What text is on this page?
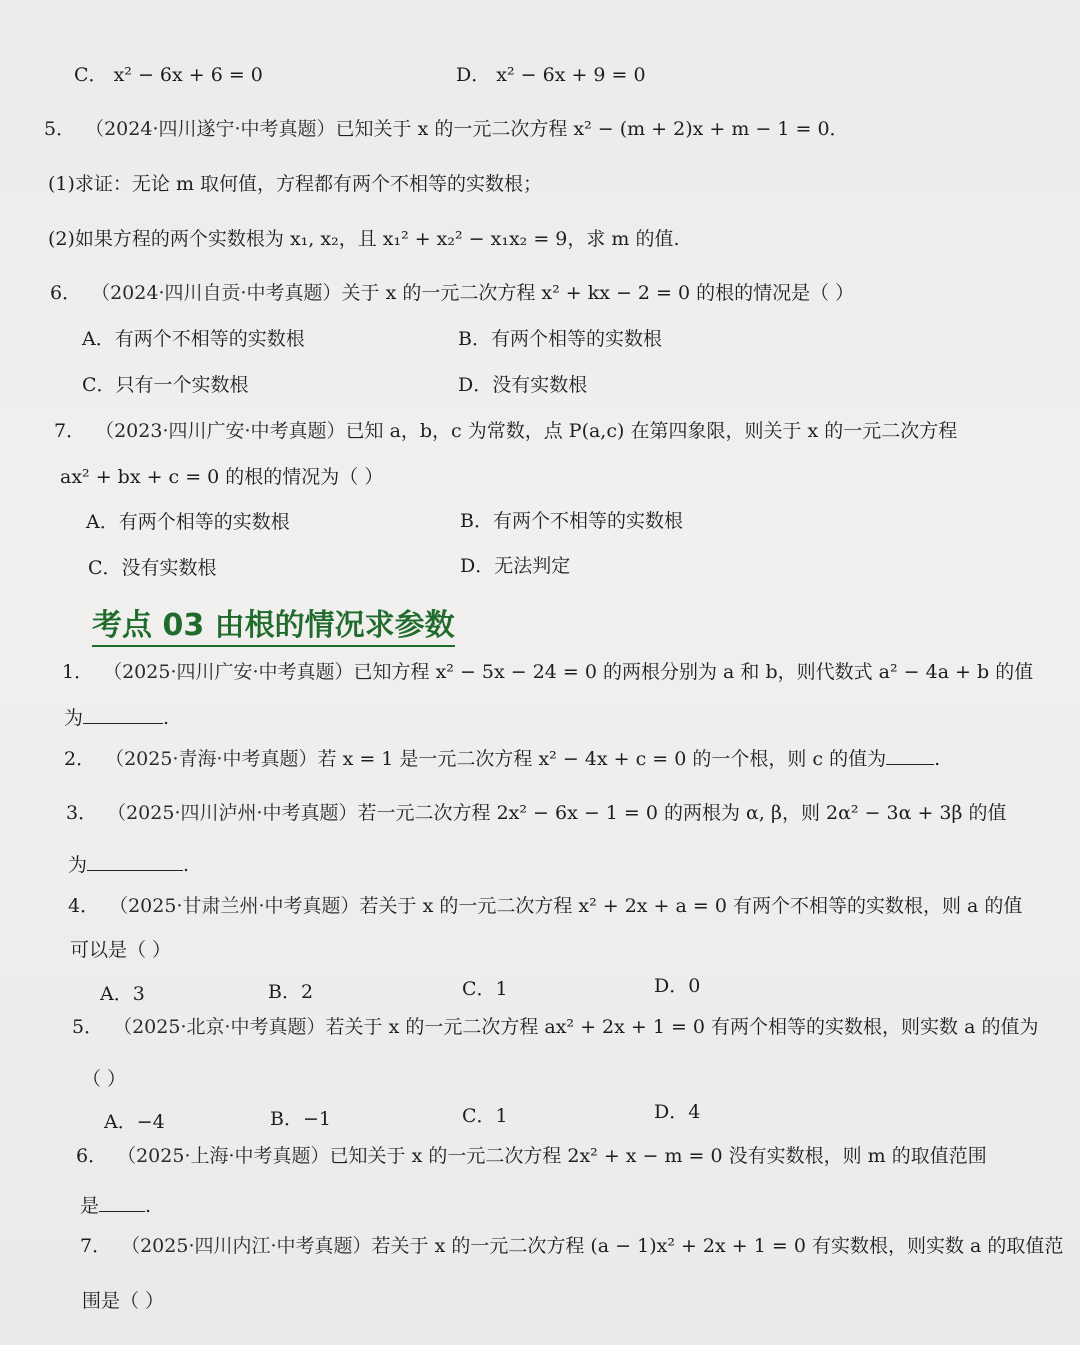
C． x² − 6x + 6 = 0	D． x² − 6x + 9 = 0
5． （2024·四川遂宁·中考真题）已知关于 x 的一元二次方程 x² − (m + 2)x + m − 1 = 0．
(1)求证：无论 m 取何值，方程都有两个不相等的实数根；
(2)如果方程的两个实数根为 x₁, x₂，且 x₁² + x₂² − x₁x₂ = 9，求 m 的值.
6． （2024·四川自贡·中考真题）关于 x 的一元二次方程 x² + kx − 2 = 0 的根的情况是（ ）
A．有两个不相等的实数根	B．有两个相等的实数根
C．只有一个实数根	D．没有实数根
7． （2023·四川广安·中考真题）已知 a，b，c 为常数，点 P(a,c) 在第四象限，则关于 x 的一元二次方程
ax² + bx + c = 0 的根的情况为（ ）
A．有两个相等的实数根	B．有两个不相等的实数根
C．没有实数根	D．无法判定
考点 03 由根的情况求参数
1． （2025·四川广安·中考真题）已知方程 x² − 5x − 24 = 0 的两根分别为 a 和 b，则代数式 a² − 4a + b 的值
为	.
2． （2025·青海·中考真题）若 x = 1 是一元二次方程 x² − 4x + c = 0 的一个根，则 c 的值为	.
3． （2025·四川泸州·中考真题）若一元二次方程 2x² − 6x − 1 = 0 的两根为 α, β，则 2α² − 3α + 3β 的值
为	.
4． （2025·甘肃兰州·中考真题）若关于 x 的一元二次方程 x² + 2x + a = 0 有两个不相等的实数根，则 a 的值
可以是（ ）
A．3	B．2	C．1	D．0
5． （2025·北京·中考真题）若关于 x 的一元二次方程 ax² + 2x + 1 = 0 有两个相等的实数根，则实数 a 的值为
（ ）
A．−4	B．−1	C．1	D．4
6． （2025·上海·中考真题）已知关于 x 的一元二次方程 2x² + x − m = 0 没有实数根，则 m 的取值范围
是 .
7． （2025·四川内江·中考真题）若关于 x 的一元二次方程 (a − 1)x² + 2x + 1 = 0 有实数根，则实数 a 的取值范
围是（ ）
